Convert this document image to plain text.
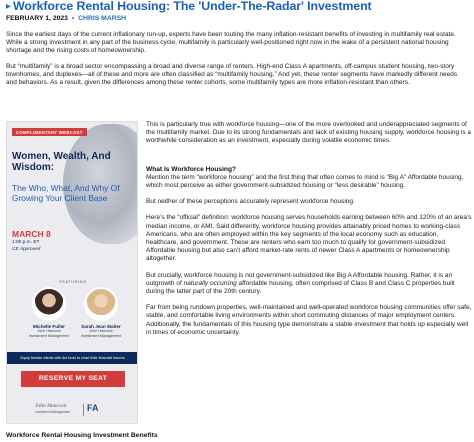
▸ Workforce Rental Housing: The 'Under-The-Radar' Investment
FEBRUARY 1, 2023 • CHRIS MARSH

Since the earliest days of the current inflationary run-up, experts have been touting the many inflation-resistant benefits of investing in multifamily real estate. While a strong investment in any part of the business cycle, multifamily is particularly well-positioned right now in the wake of a persistent national housing shortage and the rising costs of homeownership.

But “multifamily” is a broad sector encompassing a broad and diverse range of renters. High-end Class A apartments, off-campus student housing, two-story townhomes, and duplexes—all of these and more are often classified as “multifamily housing.” And yet, these renter segments have markedly different needs and behaviors. As a result, given the differences among these renter cohorts, some multifamily types are more inflation-resistant than others.

COMPLIMENTARY WEBCAST
Women, Wealth, And Wisdom:
The Who, What, And Why Of Growing Your Client Base
MARCH 8
1:00 p.m. ET
CE Approved
FEATURING
Michelle Fuller
John Hancock
Investment Management
Sarah Jean Walter
John Hancock
Investment Management
Equip female clients with the tools to chart their financial futures.
RESERVE MY SEAT
John Hancock
Investment Management FA

This is particularly true with workforce housing—one of the more overlooked and underappreciated segments of the multifamily market. Due to its strong fundamentals and lack of existing housing supply, workforce housing is a worthwhile consideration as an investment, especially during volatile economic times.

What Is Workforce Housing?

Mention the term “workforce housing” and the first thing that often comes to mind is “Big A” Affordable housing, which most perceive as either government-subsidized housing or “less desirable” housing.

But neither of these perceptions accurately represent workforce housing.

Here’s the “official” definition: workforce housing serves households earning between 60% and 120% of an area’s median income, or AMI. Said differently, workforce housing provides attainably priced homes to working-class Americans, who are often employed within the key segments of the local economy such as education, healthcare, and government. These are renters who earn too much to qualify for government-subsidized Affordable housing but also can’t afford market-rate rents of newer Class A apartments or homeownership altogether.

But crucially, workforce housing is not government-subsidized like Big A Affordable housing. Rather, it is an outgrowth of naturally occurring affordable housing, often comprised of Class B and Class C properties built during the latter part of the 20th century.

Far from being rundown properties, well-maintained and well-operated workforce housing communities offer safe, stable, and comfortable living environments within short commuting distances of major employment centers. Additionally, the fundamentals of this housing type demonstrate a stable investment that holds up especially well in times of economic uncertainty.

Workforce Rental Housing Investment Benefits
